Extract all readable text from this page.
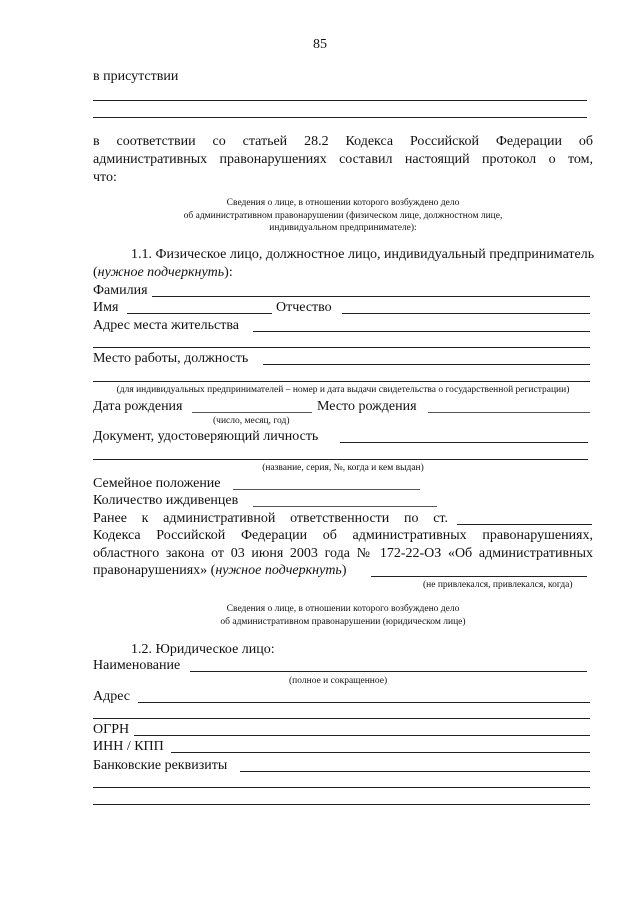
85
в присутствии
в соответствии со статьей 28.2 Кодекса Российской Федерации об
административных правонарушениях составил настоящий протокол о том,
что:
Сведения о лице, в отношении которого возбуждено дело
об административном правонарушении (физическом лице, должностном лице,
индивидуальном предпринимателе):
1.1. Физическое лицо, должностное лицо, индивидуальный предприниматель
(нужное подчеркнуть):
Фамилия
Имя	Отчество
Адрес места жительства
Место работы, должность
(для индивидуальных предпринимателей – номер и дата выдачи свидетельства о государственной регистрации)
Дата рождения	Место рождения
(число, месяц, год)
Документ, удостоверяющий личность
(название, серия, №, когда и кем выдан)
Семейное положение
Количество иждивенцев
Ранее к административной ответственности по ст.
Кодекса Российской Федерации об административных правонарушениях,
областного закона от 03 июня 2003 года № 172-22-ОЗ «Об административных
правонарушениях» (нужное подчеркнуть)
(не привлекался, привлекался, когда)
Сведения о лице, в отношении которого возбуждено дело
об административном правонарушении (юридическом лице)
1.2. Юридическое лицо:
Наименование
(полное и сокращенное)
Адрес
ОГРН
ИНН / КПП
Банковские реквизиты
